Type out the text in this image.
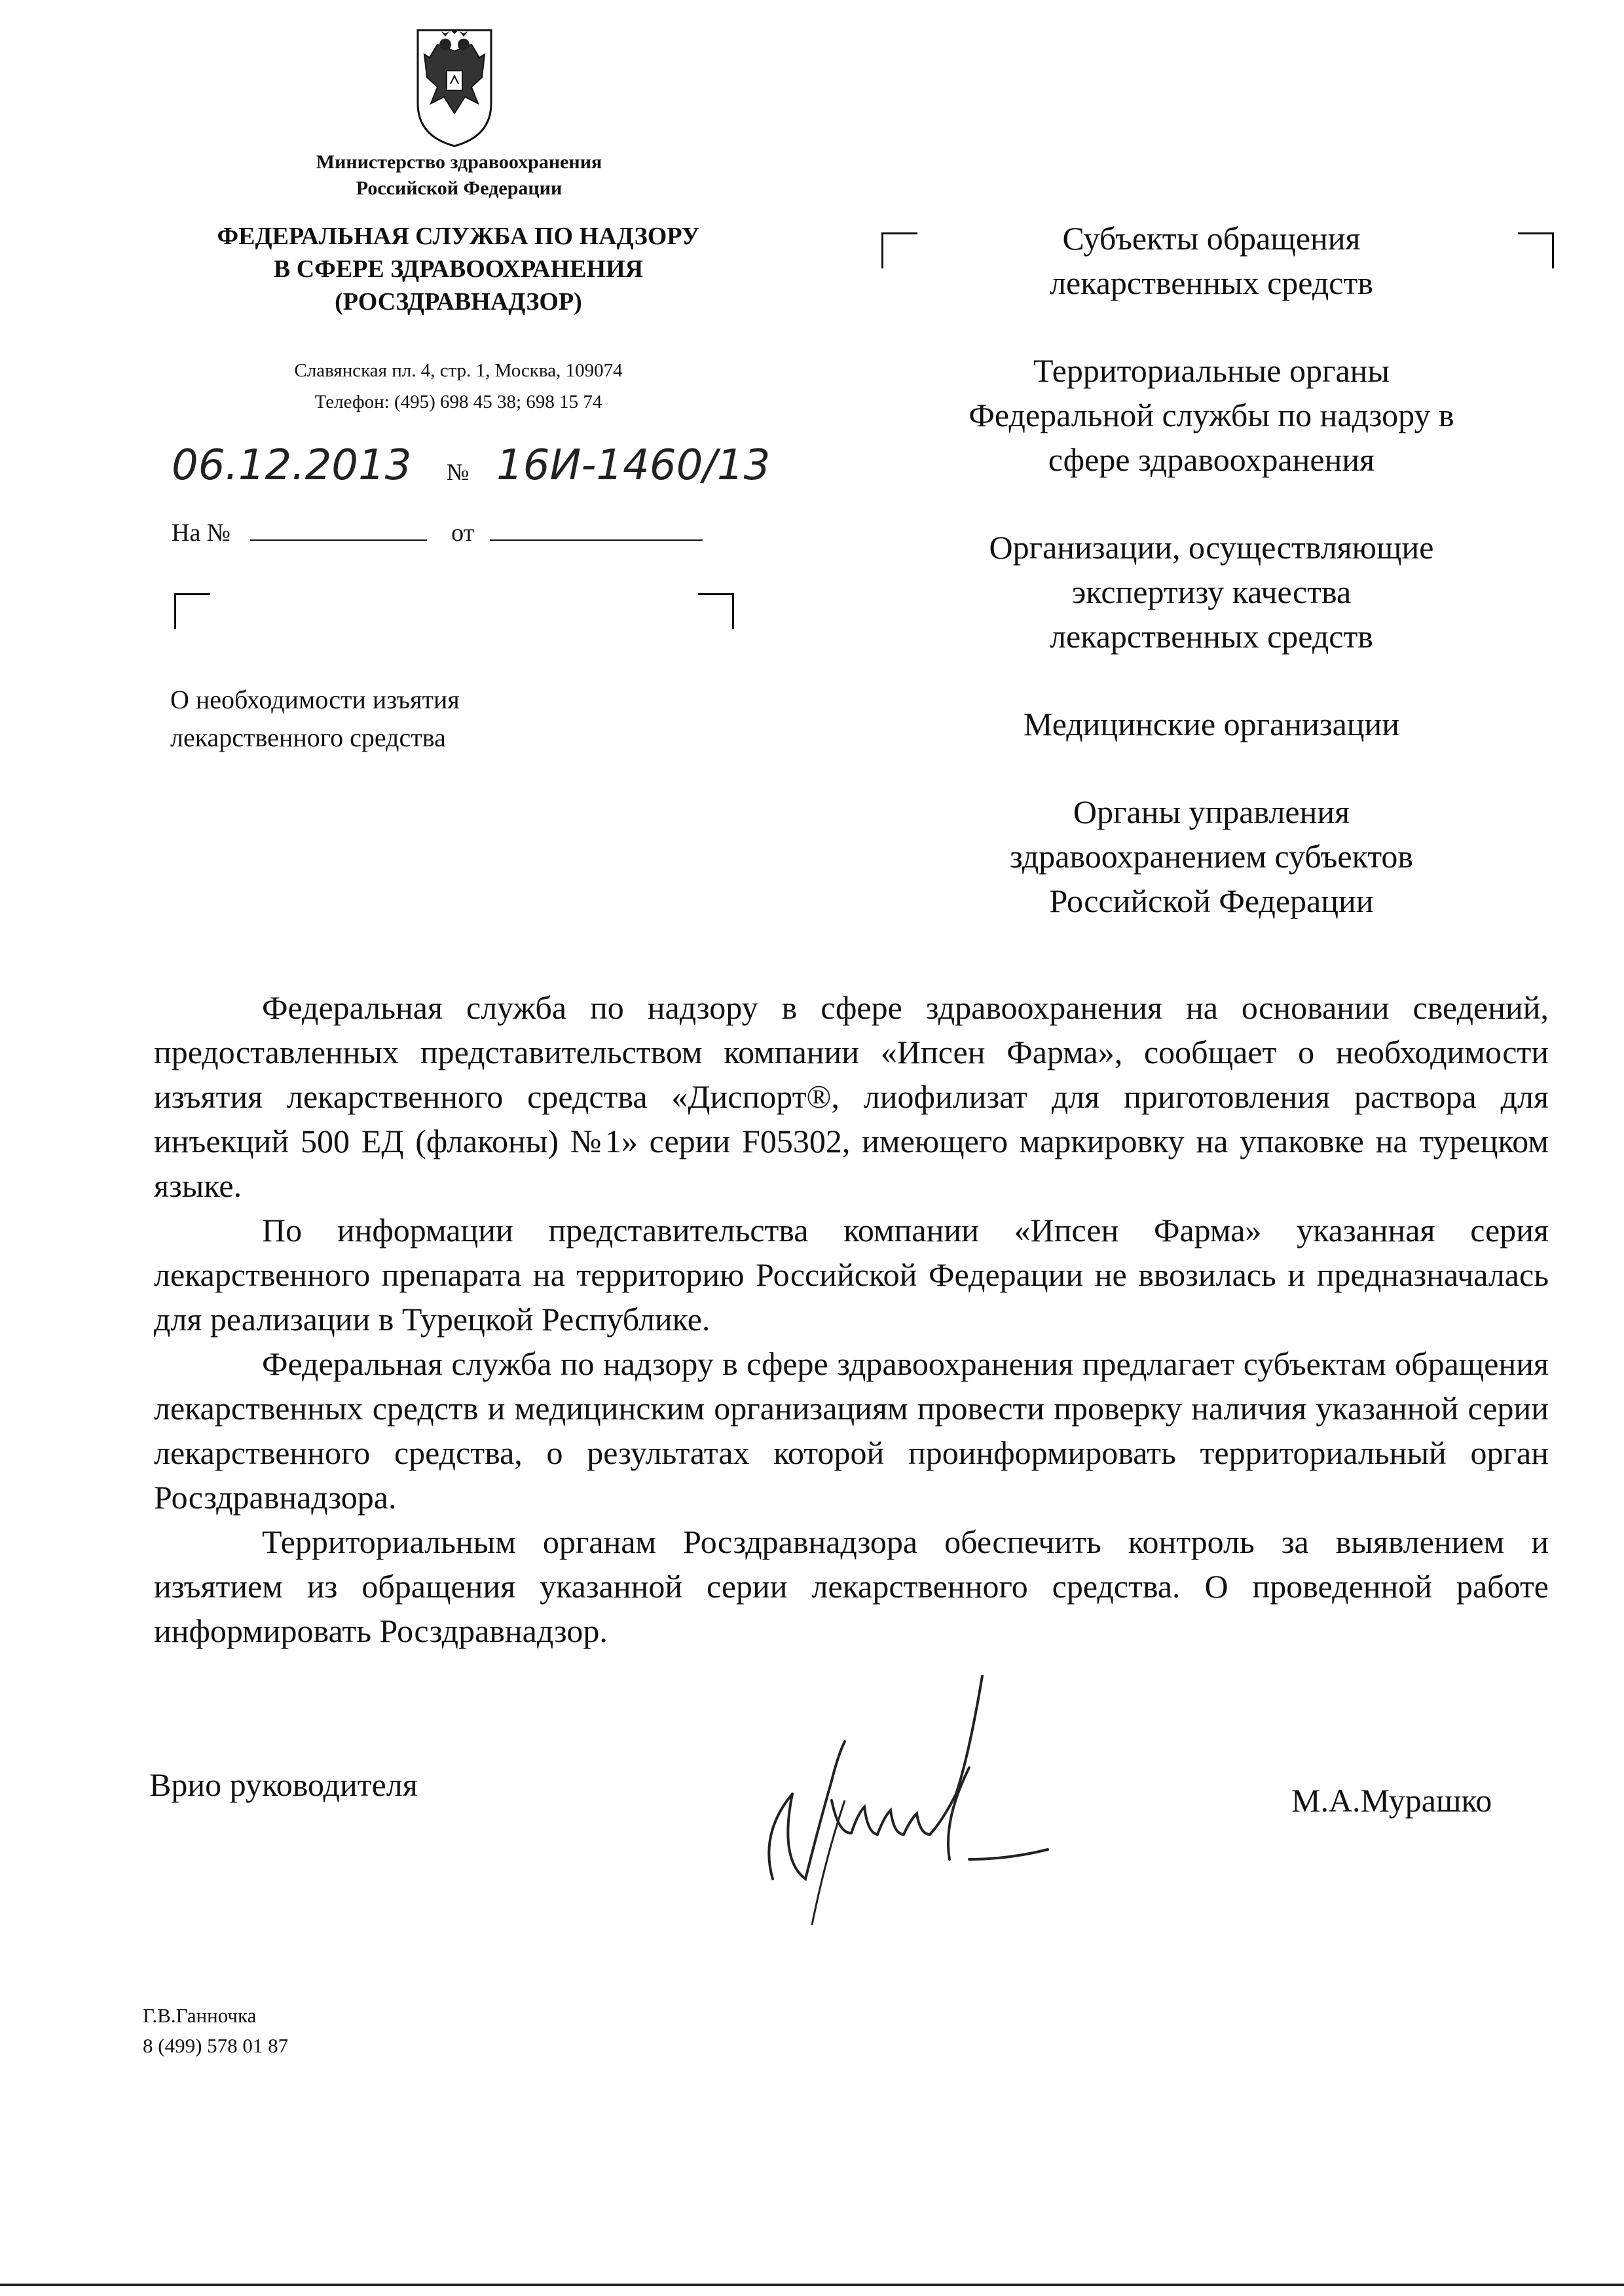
Министерство здравоохранения
Российской Федерации
ФЕДЕРАЛЬНАЯ СЛУЖБА ПО НАДЗОРУ
В СФЕРЕ ЗДРАВООХРАНЕНИЯ
(РОСЗДРАВНАДЗОР)
Славянская пл. 4, стр. 1, Москва, 109074
Телефон: (495) 698 45 38; 698 15 74
06.12.2013 № 16И-1460/13
На №	от
О необходимости изъятия
лекарственного средства
Субъекты обращения
лекарственных средств
Территориальные органы
Федеральной службы по надзору в
сфере здравоохранения
Организации, осуществляющие
экспертизу качества
лекарственных средств
Медицинские организации
Органы управления
здравоохранением субъектов
Российской Федерации

Федеральная служба по надзору в сфере здравоохранения на основании сведений, предоставленных представительством компании «Ипсен Фарма», сообщает о необходимости изъятия лекарственного средства «Диспорт®, лиофилизат для приготовления раствора для инъекций 500 ЕД (флаконы) №1» серии F05302, имеющего маркировку на упаковке на турецком языке.

По информации представительства компании «Ипсен Фарма» указанная серия лекарственного препарата на территорию Российской Федерации не ввозилась и предназначалась для реализации в Турецкой Республике.

Федеральная служба по надзору в сфере здравоохранения предлагает субъектам обращения лекарственных средств и медицинским организациям провести проверку наличия указанной серии лекарственного средства, о результатах которой проинформировать территориальный орган Росздравнадзора.

Территориальным органам Росздравнадзора обеспечить контроль за выявлением и изъятием из обращения указанной серии лекарственного средства. О проведенной работе информировать Росздравнадзор.

Врио руководителя	М.А.Мурашко
Г.В.Ганночка
8 (499) 578 01 87
